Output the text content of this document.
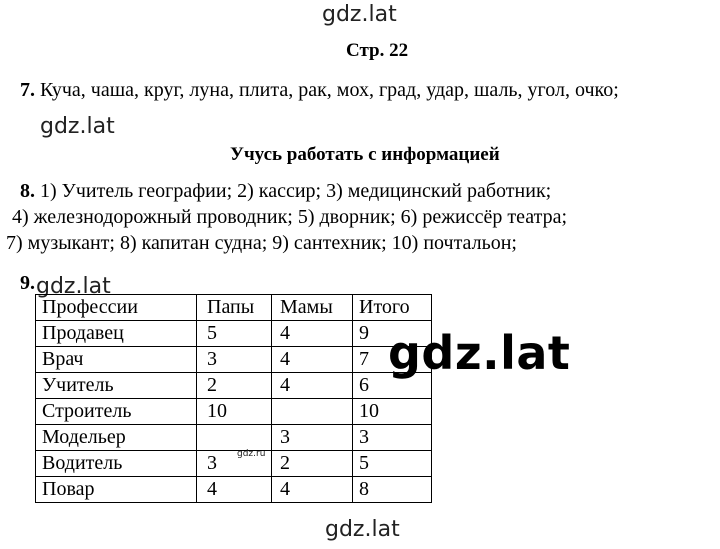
gdz.lat
gdz.lat
Стр. 22
7. Куча, чаша, круг, луна, плита, рак, мох, град, удар, шаль, угол, очко;
Учусь работать с информацией
8. 1) Учитель географии; 2) кассир; 3) медицинский работник;
4) железнодорожный проводник; 5) дворник; 6) режиссёр театра;
7) музыкант; 8) капитан судна; 9) сантехник; 10) почтальон;
9. gdz.lat
Профессии	Папы	Мамы	Итого
Продавец	5	4	9
Врач	3	4	7
Учитель	2	4	6
Строитель	10		10
Модельер		3	3
Водитель	3	2	5
Повар	4	4	8
gdz.lat
gdz.ru
gdz.lat
